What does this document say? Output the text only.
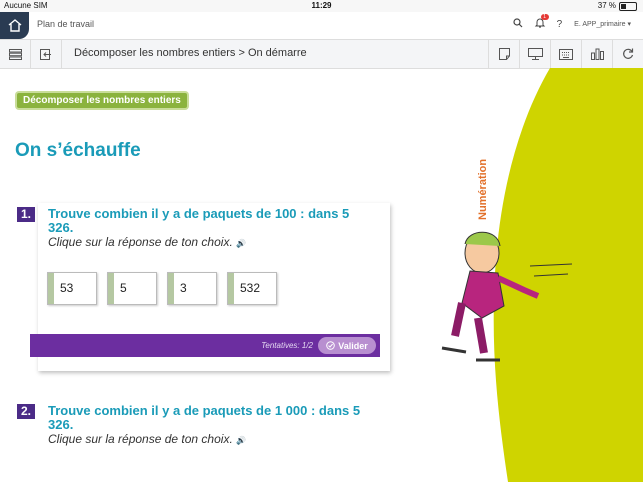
Aucune SIM	11:29	37 %
Plan de travail
1
? E. APP_primaire ▾
Décomposer les nombres entiers > On démarre
Numération
Décomposer les nombres entiers
On s’échauffe
1.	Trouve combien il y a de paquets de 100 : dans 5 326.
Clique sur la réponse de ton choix. 🔊
53	5	3	532
Tentatives: 1/2	Valider
2.	Trouve combien il y a de paquets de 1 000 : dans 5 326.
Clique sur la réponse de ton choix. 🔊
